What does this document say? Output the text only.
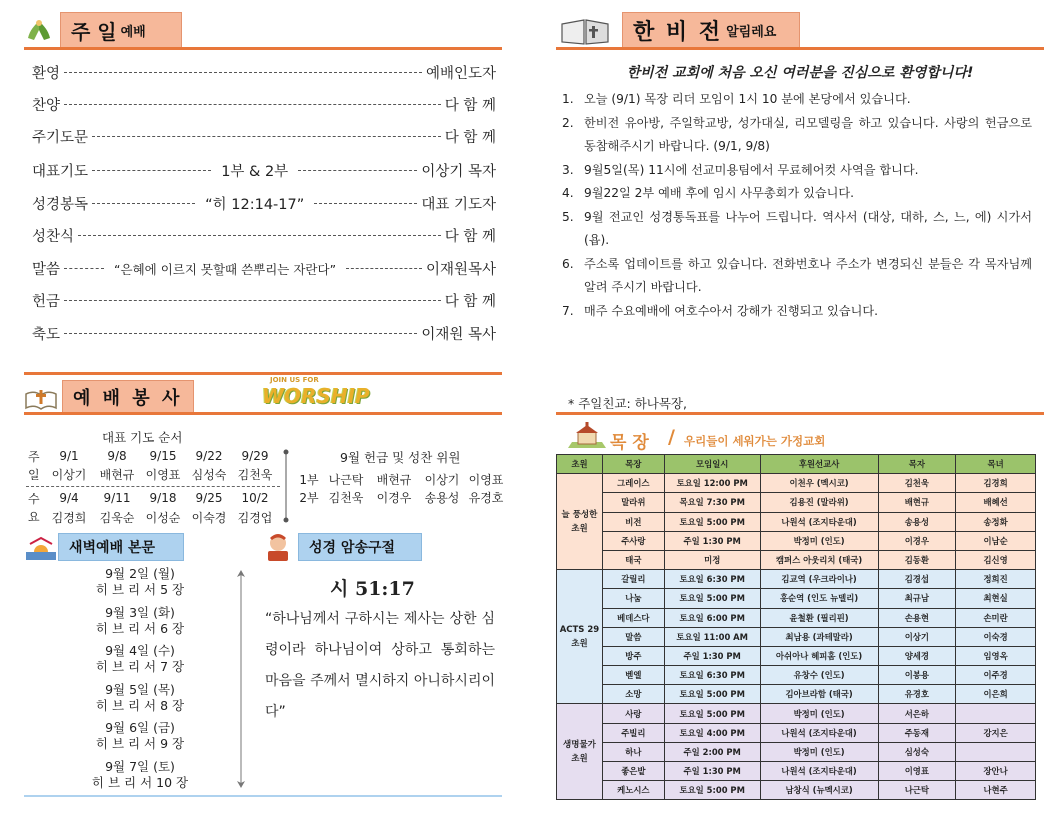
주 일 예배
환영	예배인도자
찬양	다 함 께
주기도문	다 함 께
대표기도	1부 & 2부	이상기 목자
성경봉독	“히 12:14-17”	대표 기도자
성찬식	다 함 께
말씀	“은혜에 이르지 못할때 쓴뿌리는 자란다”	이재원목사
헌금	다 함 께
축도	이재원 목사
예 배 봉 사
JOIN US FOR
WORSHIP
대표 기도 순서
주
일
9/1 9/8 9/15 9/22 9/29
이상기 배현규 이영표 심성숙 김천욱
수
요
9/4 9/11 9/18 9/25 10/2
김경희 김욱순 이성순 이숙경 김경업
9월 헌금 및 성찬 위원
1부 나근탁 배현규 이상기 이영표
2부 김천욱 이경우 송용성 유경호
새벽예배 본문
9월 2일 (월)
히 브 리 서 5 장
9월 3일 (화)
히 브 리 서 6 장
9월 4일 (수)
히 브 리 서 7 장
9월 5일 (목)
히 브 리 서 8 장
9월 6일 (금)
히 브 리 서 9 장
9월 7일 (토)
히 브 리 서 10 장
성경 암송구절
시 51:17
“하나님께서 구하시는 제사는 상한 심령이라 하나님이여 상하고 통회하는 마음을 주께서 멸시하지 아니하시리이다”
한 비 전 알림레요
한비전 교회에 처음 오신 여러분을 진심으로 환영합니다!
1. 오늘 (9/1) 목장 리더 모임이 1시 10 분에 본당에서 있습니다.
2. 한비전 유아방, 주일학교방, 성가대실, 리모델링을 하고 있습니다. 사랑의 헌금으로 동참해주시기 바랍니다. (9/1, 9/8)
3. 9월5일(목) 11시에 선교미용팀에서 무료헤어컷 사역을 합니다.
4. 9월22일 2부 예배 후에 임시 사무총회가 있습니다.
5. 9월 전교인 성경통독표를 나누어 드립니다. 역사서 (대상, 대하, 스, 느, 에) 시가서(욥).
6. 주소록 업데이트를 하고 있습니다. 전화번호나 주소가 변경되신 분들은 각 목자님께 알려 주시기 바랍니다.
7. 매주 수요예배에 여호수아서 강해가 진행되고 있습니다.
* 주일친교: 하나목장,
목 장 / 우리들이 세워가는 가정교회
초원	목장	모임일시	후원선교사	목자	목녀
늘 풍성한 초원	그레이스	토요일 12:00 PM	이천우 (멕시코)	김천욱	김경희
	말라위	목요일 7:30 PM	김용진 (말라위)	배현규	배혜선
	비전	토요일 5:00 PM	나원석 (조지타운대)	송용성	송정화
	주사랑	주일 1:30 PM	박정미 (인도)	이경우	이남순
	태국	미정	캠퍼스 아웃리치 (태국)	김동환	김신영
ACTS 29 초원	갈릴리	토요일 6:30 PM	김교역 (우크라이나)	김경섭	정희진
	나눔	토요일 5:00 PM	홍순역 (인도 뉴델리)	최규남	최현실
	베데스다	토요일 6:00 PM	윤철환 (필리핀)	손용현	손미란
	말씀	토요일 11:00 AM	최남용 (과테말라)	이상기	이숙경
	방주	주일 1:30 PM	아쉬아나 헤피홈 (인도)	양세경	임영옥
	벧엘	토요일 6:30 PM	유창수 (인도)	이봉용	이주경
	소망	토요일 5:00 PM	김아브라함 (태국)	유경호	이은희
생명물가 초원	사랑	토요일 5:00 PM	박정미 (인도)	서은하	
	주빌리	토요일 4:00 PM	나원석 (조지타운대)	주동재	강지은
	하나	주일 2:00 PM	박정미 (인도)	심성숙	
	좋은밭	주일 1:30 PM	나원석 (조지타운대)	이영표	장안나
	케노시스	토요일 5:00 PM	남창식 (뉴멕시코)	나근탁	나현주
